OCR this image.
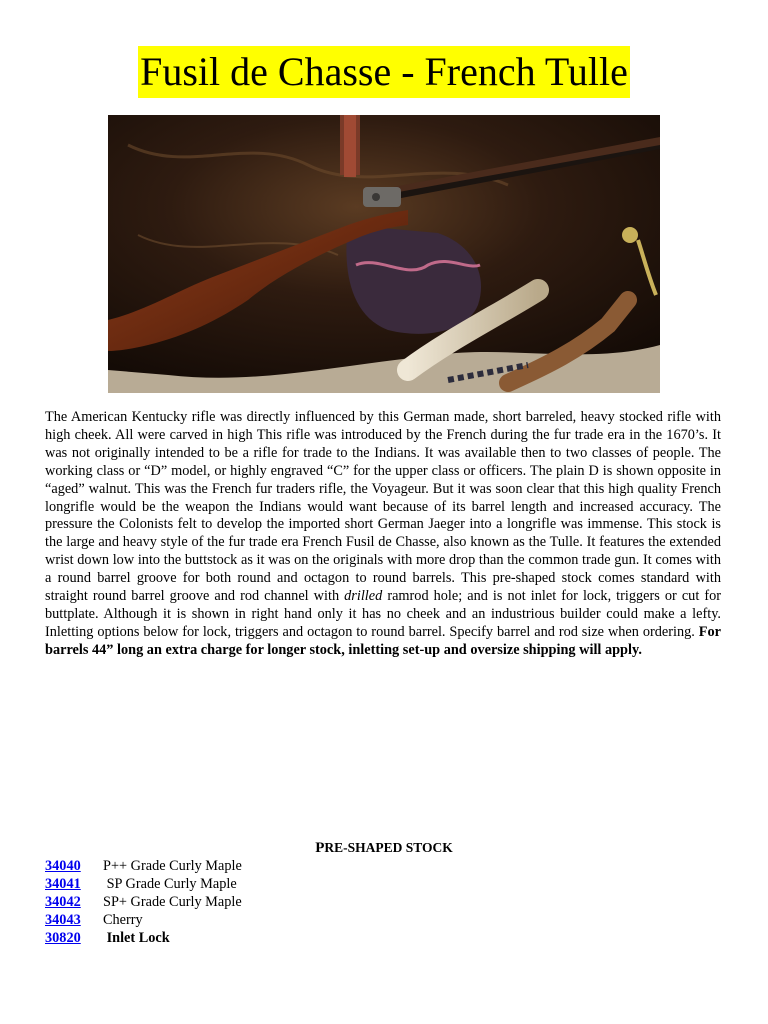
Fusil de Chasse - French Tulle
The American Kentucky rifle was directly influenced by this German made, short barreled, heavy stocked rifle with high cheek. All were carved in high This rifle was introduced by the French during the fur trade era in the 1670’s. It was not originally intended to be a rifle for trade to the Indians. It was available then to two classes of people. The working class or “D” model, or highly engraved “C” for the upper class or officers. The plain D is shown opposite in “aged” walnut. This was the French fur traders rifle, the Voyageur. But it was soon clear that this high quality French longrifle would be the weapon the Indians would want because of its barrel length and increased accuracy. The pressure the Colonists felt to develop the imported short German Jaeger into a longrifle was immense. This stock is the large and heavy style of the fur trade era French Fusil de Chasse, also known as the Tulle. It features the extended wrist down low into the buttstock as it was on the originals with more drop than the common trade gun. It comes with a round barrel groove for both round and octagon to round barrels. This pre-shaped stock comes standard with straight round barrel groove and rod channel with drilled ramrod hole; and is not inlet for lock, triggers or cut for buttplate. Although it is shown in right hand only it has no cheek and an industrious builder could make a lefty. Inletting options below for lock, triggers and octagon to round barrel. Specify barrel and rod size when ordering. For barrels 44” long an extra charge for longer stock, inletting set-up and oversize shipping will apply.
PRE-SHAPED STOCK
34040 P++ Grade Curly Maple
34041 SP Grade Curly Maple
34042 SP+ Grade Curly Maple
34043 Cherry
30820 Inlet Lock
